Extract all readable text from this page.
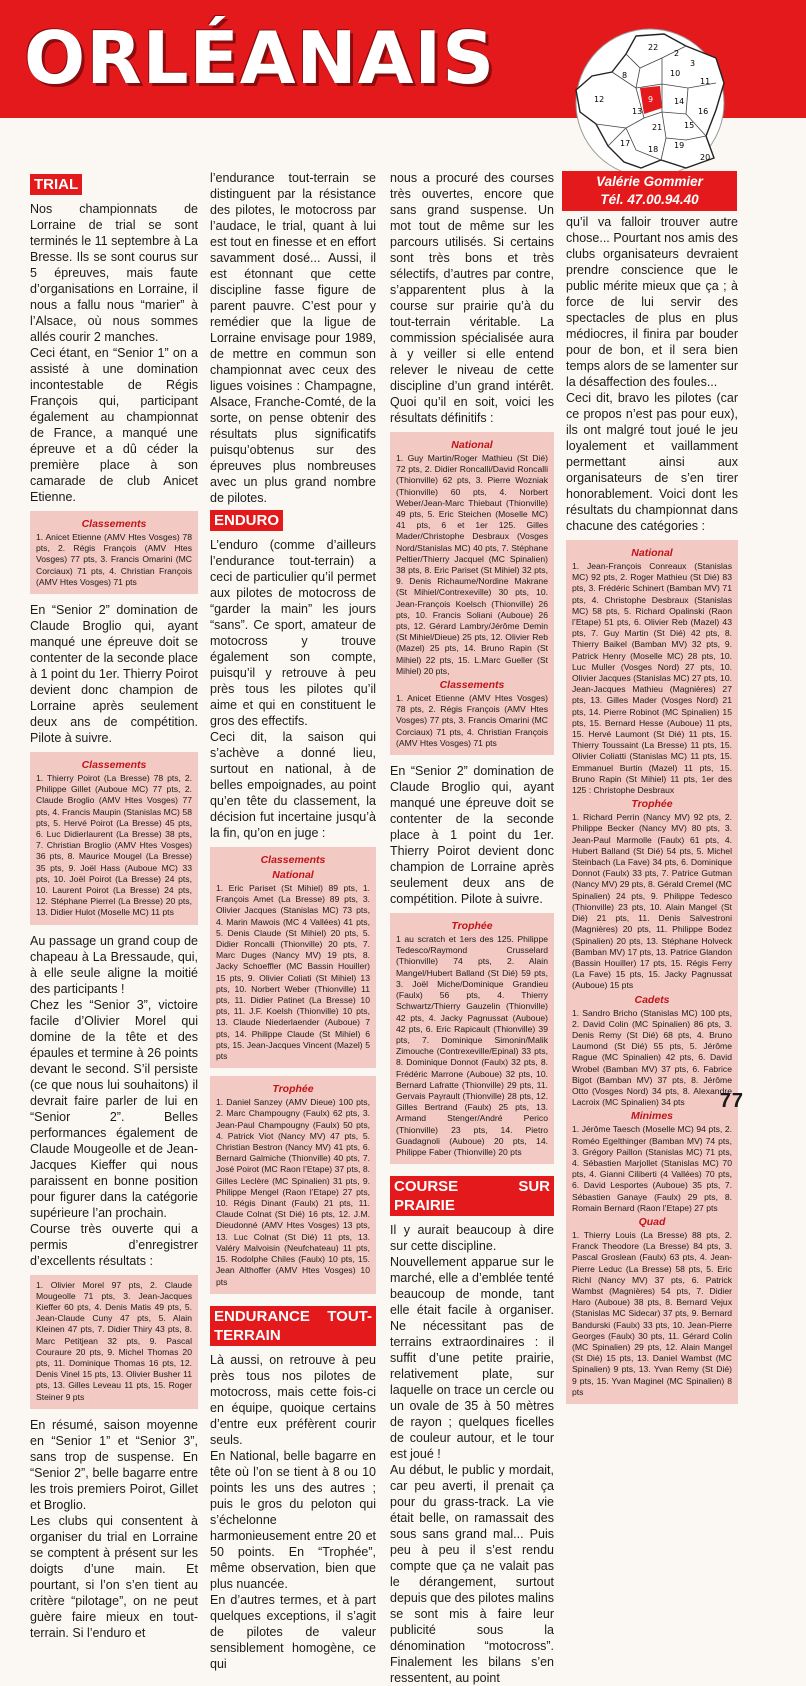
ORLÉANAIS	22
2
3
8	10
11
12
16
14
15
17
18 19
20
21
13
9
Valérie Gommier
Tél. 47.00.94.40
TRIAL

Nos championnats de Lorraine de trial se sont terminés le 11 septembre à La Bresse. Ils se sont courus sur 5 épreuves, mais faute d’organisations en Lorraine, il nous a fallu nous “marier” à l’Alsace, où nous sommes allés courir 2 manches.

Ceci étant, en “Senior 1” on a assisté à une domination incontestable de Régis François qui, participant également au championnat de France, a manqué une épreuve et a dû céder la première place à son camarade de club Anicet Etienne.

Classements
1. Anicet Etienne (AMV Htes Vosges) 78 pts, 2. Régis François (AMV Htes Vosges) 77 pts, 3. Francis Omarini (MC Corciaux) 71 pts, 4. Christian François (AMV Htes Vosges) 71 pts

En “Senior 2” domination de Claude Broglio qui, ayant manqué une épreuve doit se contenter de la seconde place à 1 point du 1er. Thierry Poirot devient donc champion de Lorraine après seulement deux ans de compétition. Pilote à suivre.

Classements
1. Thierry Poirot (La Bresse) 78 pts, 2. Philippe Gillet (Auboue MC) 77 pts, 2. Claude Broglio (AMV Htes Vosges) 77 pts, 4. Francis Maupin (Stanislas MC) 58 pts, 5. Hervé Poirot (La Bresse) 45 pts, 6. Luc Didierlaurent (La Bresse) 38 pts, 7. Christian Broglio (AMV Htes Vosges) 36 pts, 8. Maurice Mougel (La Bresse) 35 pts, 9. Joël Hass (Auboue MC) 33 pts, 10. Joël Poirot (La Bresse) 24 pts, 10. Laurent Poirot (La Bresse) 24 pts, 12. Stéphane Pierrel (La Bresse) 20 pts, 13. Didier Hulot (Moselle MC) 11 pts

Au passage un grand coup de chapeau à La Bressaude, qui, à elle seule aligne la moitié des participants !

Chez les “Senior 3”, victoire facile d’Olivier Morel qui domine de la tête et des épaules et termine à 26 points devant le second. S’il persiste (ce que nous lui souhaitons) il devrait faire parler de lui en “Senior 2”. Belles performances également de Claude Mougeolle et de Jean-Jacques Kieffer qui nous paraissent en bonne position pour figurer dans la catégorie supérieure l’an prochain.

Course très ouverte qui a permis d’enregistrer d’excellents résultats :

1. Olivier Morel 97 pts, 2. Claude Mougeolle 71 pts, 3. Jean-Jacques Kieffer 60 pts, 4. Denis Matis 49 pts, 5. Jean-Claude Cuny 47 pts, 5. Alain Kleinen 47 pts, 7. Didier Thiry 43 pts, 8. Marc Petitjean 32 pts, 9. Pascal Couraure 20 pts, 9. Michel Thomas 20 pts, 11. Dominique Thomas 16 pts, 12. Denis Vinel 15 pts, 13. Olivier Busher 11 pts, 13. Gilles Leveau 11 pts, 15. Roger Steiner 9 pts

En résumé, saison moyenne en “Senior 1” et “Senior 3”, sans trop de suspense. En “Senior 2”, belle bagarre entre les trois premiers Poirot, Gillet et Broglio.

Les clubs qui consentent à organiser du trial en Lorraine se comptent à présent sur les doigts d’une main. Et pourtant, si l’on s’en tient au critère “pilotage”, on ne peut guère faire mieux en tout-terrain. Si l’enduro et

l’endurance tout-terrain se distinguent par la résistance des pilotes, le motocross par l’audace, le trial, quant à lui est tout en finesse et en effort savamment dosé... Aussi, il est étonnant que cette discipline fasse figure de parent pauvre. C’est pour y remédier que la ligue de Lorraine envisage pour 1989, de mettre en commun son championnat avec ceux des ligues voisines : Champagne, Alsace, Franche-Comté, de la sorte, on pense obtenir des résultats plus significatifs puisqu’obtenus sur des épreuves plus nombreuses avec un plus grand nombre de pilotes.

ENDURO

L’enduro (comme d’ailleurs l’endurance tout-terrain) a ceci de particulier qu’il permet aux pilotes de motocross de “garder la main” les jours “sans”. Ce sport, amateur de motocross y trouve également son compte, puisqu’il y retrouve à peu près tous les pilotes qu’il aime et qui en constituent le gros des effectifs.

Ceci dit, la saison qui s’achève a donné lieu, surtout en national, à de belles empoignades, au point qu’en tête du classement, la décision fut incertaine jusqu’à la fin, qu’on en juge :

Classements
National
1. Eric Pariset (St Mihiel) 89 pts, 1. François Amet (La Bresse) 89 pts, 3. Olivier Jacques (Stanislas MC) 73 pts, 4. Marin Mawois (MC 4 Vallées) 41 pts, 5. Denis Claude (St Mihiel) 20 pts, 5. Didier Roncalli (Thionville) 20 pts, 7. Marc Duges (Nancy MV) 19 pts, 8. Jacky Schoeffler (MC Bassin Houiller) 15 pts, 9. Olivier Coliati (St Mihiel) 13 pts, 10. Norbert Weber (Thionville) 11 pts, 11. Didier Patinet (La Bresse) 10 pts, 11. J.F. Koelsh (Thionville) 10 pts, 13. Claude Niederlaender (Auboue) 7 pts, 14. Philippe Claude (St Mihiel) 6 pts, 15. Jean-Jacques Vincent (Mazel) 5 pts
Trophée
1. Daniel Sanzey (AMV Dieue) 100 pts, 2. Marc Champougny (Faulx) 62 pts, 3. Jean-Paul Champougny (Faulx) 50 pts, 4. Patrick Viot (Nancy MV) 47 pts, 5. Christian Bestron (Nancy MV) 41 pts, 6. Bernard Galmiche (Thionville) 40 pts, 7. José Poirot (MC Raon l’Etape) 37 pts, 8. Gilles Leclère (MC Spinalien) 31 pts, 9. Philippe Mengel (Raon l’Etape) 27 pts, 10. Régis Dinant (Faulx) 21 pts, 11. Claude Colnat (St Dié) 16 pts, 12. J.M. Dieudonné (AMV Htes Vosges) 13 pts, 13. Luc Colnat (St Dié) 11 pts, 13. Valéry Malvoisin (Neufchateau) 11 pts, 15. Rodolphe Chiles (Faulx) 10 pts, 15. Jean Althoffer (AMV Htes Vosges) 10 pts
ENDURANCE TOUT-TERRAIN

Là aussi, on retrouve à peu près tous nos pilotes de motocross, mais cette fois-ci en équipe, quoique certains d’entre eux préfèrent courir seuls.

En National, belle bagarre en tête où l’on se tient à 8 ou 10 points les uns des autres ; puis le gros du peloton qui s’échelonne harmonieusement entre 20 et 50 points. En “Trophée”, même observation, bien que plus nuancée.

En d’autres termes, et à part quelques exceptions, il s’agit de pilotes de valeur sensiblement homogène, ce qui

nous a procuré des courses très ouvertes, encore que sans grand suspense. Un mot tout de même sur les parcours utilisés. Si certains sont très bons et très sélectifs, d’autres par contre, s’apparentent plus à la course sur prairie qu’à du tout-terrain véritable. La commission spécialisée aura à y veiller si elle entend relever le niveau de cette discipline d’un grand intérêt. Quoi qu’il en soit, voici les résultats définitifs :

National
1. Guy Martin/Roger Mathieu (St Dié) 72 pts, 2. Didier Roncalli/David Roncalli (Thionville) 62 pts, 3. Pierre Wozniak (Thionville) 60 pts, 4. Norbert Weber/Jean-Marc Thiebaut (Thionville) 49 pts, 5. Eric Steichen (Moselle MC) 41 pts, 6 et 1er 125. Gilles Mader/Christophe Desbraux (Vosges Nord/Stanislas MC) 40 pts, 7. Stéphane Peltier/Thierry Jacquel (MC Spinalien) 38 pts, 8. Eric Pariset (St Mihiel) 32 pts, 9. Denis Richaume/Nordine Makrane (St Mihiel/Contrexeville) 30 pts, 10. Jean-François Koelsch (Thionville) 26 pts, 10. Francis Soliani (Auboue) 26 pts, 12. Gérard Lambry/Jérôme Demin (St Mihiel/Dieue) 25 pts, 12. Olivier Reb (Mazel) 25 pts, 14. Bruno Rapin (St Mihiel) 22 pts, 15. L.Marc Gueller (St Mihiel) 20 pts,
Classements
1. Anicet Etienne (AMV Htes Vosges) 78 pts, 2. Régis François (AMV Htes Vosges) 77 pts, 3. Francis Omarini (MC Corciaux) 71 pts, 4. Christian François (AMV Htes Vosges) 71 pts

En “Senior 2” domination de Claude Broglio qui, ayant manqué une épreuve doit se contenter de la seconde place à 1 point du 1er. Thierry Poirot devient donc champion de Lorraine après seulement deux ans de compétition. Pilote à suivre.

Trophée
1 au scratch et 1ers des 125. Philippe Tedesco/Raymond Crusselard (Thionville) 74 pts, 2. Alain Mangel/Hubert Balland (St Dié) 59 pts, 3. Joël Miche/Dominique Grandieu (Faulx) 56 pts, 4. Thierry Schwartz/Thierry Gauzelin (Thionville) 42 pts, 4. Jacky Pagnussat (Auboue) 42 pts, 6. Eric Rapicault (Thionville) 39 pts, 7. Dominique Simonin/Malik Zimouche (Contrexeville/Epinal) 33 pts, 8. Dominique Donnot (Faulx) 32 pts, 8. Frédéric Marrone (Auboue) 32 pts, 10. Bernard Lafratte (Thionville) 29 pts, 11. Gervais Payrault (Thionville) 28 pts, 12. Gilles Bertrand (Faulx) 25 pts, 13. Armand Stenger/André Perico (Thionville) 23 pts, 14. Pietro Guadagnoli (Auboue) 20 pts, 14. Philippe Faber (Thionville) 20 pts
COURSE SUR PRAIRIE

Il y aurait beaucoup à dire sur cette discipline.

Nouvellement apparue sur le marché, elle a d’emblée tenté beaucoup de monde, tant elle était facile à organiser. Ne nécessitant pas de terrains extraordinaires : il suffit d’une petite prairie, relativement plate, sur laquelle on trace un cercle ou un ovale de 35 à 50 mètres de rayon ; quelques ficelles de couleur autour, et le tour est joué !

Au début, le public y mordait, car peu averti, il prenait ça pour du grass-track. La vie était belle, on ramassait des sous sans grand mal... Puis peu à peu il s’est rendu compte que ça ne valait pas le dérangement, surtout depuis que des pilotes malins se sont mis à faire leur publicité sous la dénomination “motocross”. Finalement les bilans s’en ressentent, au point

qu’il va falloir trouver autre chose... Pourtant nos amis des clubs organisateurs devraient prendre conscience que le public mérite mieux que ça ; à force de lui servir des spectacles de plus en plus médiocres, il finira par bouder pour de bon, et il sera bien temps alors de se lamenter sur la désaffection des foules...

Ceci dit, bravo les pilotes (car ce propos n’est pas pour eux), ils ont malgré tout joué le jeu loyalement et vaillamment permettant ainsi aux organisateurs de s’en tirer honorablement. Voici dont les résultats du championnat dans chacune des catégories :

National
1. Jean-François Conreaux (Stanislas MC) 92 pts, 2. Roger Mathieu (St Dié) 83 pts, 3. Frédéric Schinert (Bamban MV) 71 pts, 4. Christophe Desbraux (Stanislas MC) 58 pts, 5. Richard Opalinski (Raon l’Etape) 51 pts, 6. Olivier Reb (Mazel) 43 pts, 7. Guy Martin (St Dié) 42 pts, 8. Thierry Baikel (Bamban MV) 32 pts, 9. Patrick Henry (Moselle MC) 28 pts, 10. Luc Muller (Vosges Nord) 27 pts, 10. Olivier Jacques (Stanislas MC) 27 pts, 10. Jean-Jacques Mathieu (Magnières) 27 pts, 13. Gilles Mader (Vosges Nord) 21 pts, 14. Pierre Robinot (MC Spinalien) 15 pts, 15. Bernard Hesse (Auboue) 11 pts, 15. Hervé Laumont (St Dié) 11 pts, 15. Thierry Toussaint (La Bresse) 11 pts, 15. Olivier Coliatti (Stanislas MC) 11 pts, 15. Emmanuel Burtin (Mazel) 11 pts, 15. Bruno Rapin (St Mihiel) 11 pts, 1er des 125 : Christophe Desbraux
Trophée
1. Richard Perrin (Nancy MV) 92 pts, 2. Philippe Becker (Nancy MV) 80 pts, 3. Jean-Paul Marmolle (Faulx) 61 pts, 4. Hubert Balland (St Dié) 54 pts, 5. Michel Steinbach (La Fave) 34 pts, 6. Dominique Donnot (Faulx) 33 pts, 7. Patrice Gutman (Nancy MV) 29 pts, 8. Gérald Cremel (MC Spinalien) 24 pts, 9. Philippe Tedesco (Thionville) 23 pts, 10. Alain Mangel (St Dié) 21 pts, 11. Denis Salvestroni (Magnières) 20 pts, 11. Philippe Bodez (Spinalien) 20 pts, 13. Stéphane Holveck (Bamban MV) 17 pts, 13. Patrice Glandon (Bassin Houiller) 17 pts, 15. Régis Ferry (La Fave) 15 pts, 15. Jacky Pagnussat (Auboue) 15 pts
Cadets
1. Sandro Bricho (Stanislas MC) 100 pts, 2. David Colin (MC Spinalien) 86 pts, 3. Denis Remy (St Dié) 68 pts, 4. Bruno Laumond (St Dié) 55 pts, 5. Jérôme Rague (MC Spinalien) 42 pts, 6. David Wrobel (Bamban MV) 37 pts, 6. Fabrice Bigot (Bamban MV) 37 pts, 8. Jérôme Otto (Vosges Nord) 34 pts, 8. Alexandre Lacroix (MC Spinalien) 34 pts
Minimes
1. Jérôme Taesch (Moselle MC) 94 pts, 2. Roméo Egelthinger (Bamban MV) 74 pts, 3. Grégory Paillon (Stanislas MC) 71 pts, 4. Sébastien Marjollet (Stanislas MC) 70 pts, 4. Gianni Ciliberti (4 Vallées) 70 pts, 6. David Lesportes (Auboue) 35 pts, 7. Sébastien Ganaye (Faulx) 29 pts, 8. Romain Bernard (Raon l’Etape) 27 pts
Quad
1. Thierry Louis (La Bresse) 88 pts, 2. Franck Theodore (La Bresse) 84 pts, 3. Pascal Groslean (Faulx) 63 pts, 4. Jean-Pierre Leduc (La Bresse) 58 pts, 5. Eric Richl (Nancy MV) 37 pts, 6. Patrick Wambst (Magnières) 54 pts, 7. Didier Haro (Auboue) 38 pts, 8. Bernard Vejux (Stanislas MC Sidecar) 37 pts, 9. Bernard Bandurski (Faulx) 33 pts, 10. Jean-Pierre Georges (Faulx) 30 pts, 11. Gérard Colin (MC Spinalien) 29 pts, 12. Alain Mangel (St Dié) 15 pts, 13. Daniel Wambst (MC Spinalien) 9 pts, 13. Yvan Remy (St Dié) 9 pts, 15. Yvan Maginel (MC Spinalien) 8 pts
77
